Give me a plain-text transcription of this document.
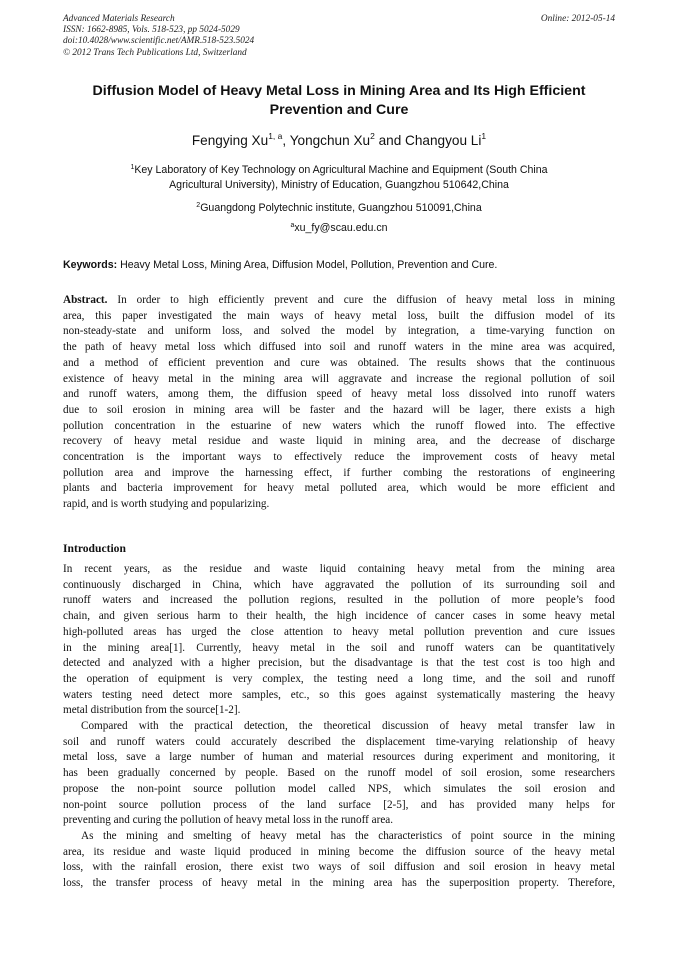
Advanced Materials Research
ISSN: 1662-8985, Vols. 518-523, pp 5024-5029
doi:10.4028/www.scientific.net/AMR.518-523.5024
© 2012 Trans Tech Publications Ltd, Switzerland
Online: 2012-05-14
Diffusion Model of Heavy Metal Loss in Mining Area and Its High Efficient
Prevention and Cure
Fengying Xu$^{1, a}$, Yongchun Xu$^2$ and Changyou Li$^1$
$^1$Key Laboratory of Key Technology on Agricultural Machine and Equipment (South China
Agricultural University), Ministry of Education, Guangzhou 510642,China
$^2$Guangdong Polytechnic institute, Guangzhou 510091,China
$^a$xu_fy@scau.edu.cn
Keywords: Heavy Metal Loss, Mining Area, Diffusion Model, Pollution, Prevention and Cure.
Abstract. In order to high efficiently prevent and cure the diffusion of heavy metal loss in mining
area, this paper investigated the main ways of heavy metal loss, built the diffusion model of its
non-steady-state and uniform loss, and solved the model by integration, a time-varying function on
the path of heavy metal loss which diffused into soil and runoff waters in the mine area was acquired,
and a method of efficient prevention and cure was obtained. The results shows that the continuous
existence of heavy metal in the mining area will aggravate and increase the regional pollution of soil
and runoff waters, among them, the diffusion speed of heavy metal loss dissolved into runoff waters
due to soil erosion in mining area will be faster and the hazard will be lager, there exists a high
pollution concentration in the estuarine of new waters which the runoff flowed into. The effective
recovery of heavy metal residue and waste liquid in mining area, and the decrease of discharge
concentration is the important ways to effectively reduce the improvement costs of heavy metal
pollution area and improve the harnessing effect, if further combing the restorations of engineering
plants and bacteria improvement for heavy metal polluted area, which would be more efficient and
rapid, and is worth studying and popularizing.
Introduction
In recent years, as the residue and waste liquid containing heavy metal from the mining area
continuously discharged in China, which have aggravated the pollution of its surrounding soil and
runoff waters and increased the pollution regions, resulted in the pollution of more people’s food
chain, and given serious harm to their health, the high incidence of cancer cases in some heavy metal
high-polluted areas has urged the close attention to heavy metal pollution prevention and cure issues
in the mining area[1]. Currently, heavy metal in the soil and runoff waters can be quantitatively
detected and analyzed with a higher precision, but the disadvantage is that the test cost is too high and
the operation of equipment is very complex, the testing need a long time, and the soil and runoff
waters testing need detect more samples, etc., so this goes against systematically mastering the heavy
metal distribution from the source[1-2].
Compared with the practical detection, the theoretical discussion of heavy metal transfer law in
soil and runoff waters could accurately described the displacement time-varying relationship of heavy
metal loss, save a large number of human and material resources during experiment and monitoring, it
has been gradually concerned by people. Based on the runoff model of soil erosion, some researchers
propose the non-point source pollution model called NPS, which simulates the soil erosion and
non-point source pollution process of the land surface [2-5], and has provided many helps for
preventing and curing the pollution of heavy metal loss in the runoff area.
As the mining and smelting of heavy metal has the characteristics of point source in the mining
area, its residue and waste liquid produced in mining become the diffusion source of the heavy metal
loss, with the rainfall erosion, there exist two ways of soil diffusion and soil erosion in heavy metal
loss, the transfer process of heavy metal in the mining area has the superposition property. Therefore,
